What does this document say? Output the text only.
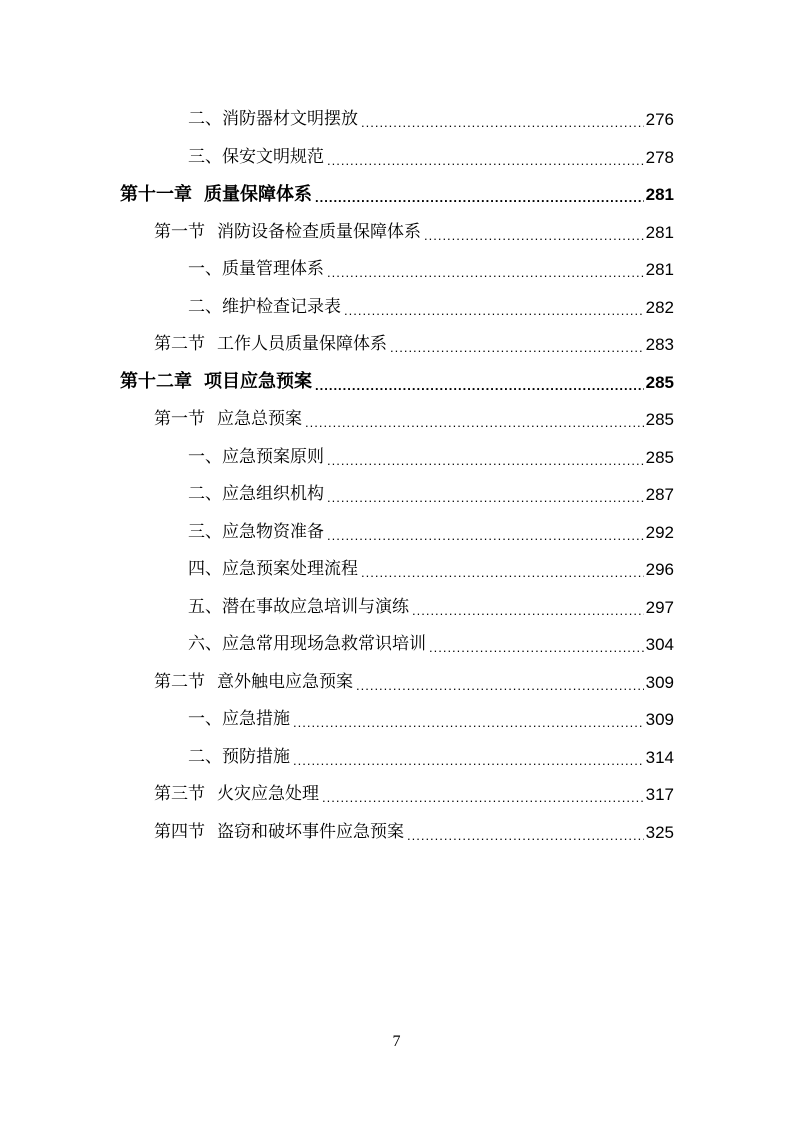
二、消防器材文明摆放 .....	276
三、保安文明规范 .....	278
第十一章 质量保障体系 .....	281
第一节 消防设备检查质量保障体系 .....	281
一、质量管理体系 .....	281
二、维护检查记录表 .....	282
第二节 工作人员质量保障体系 .....	283
第十二章 项目应急预案 .....	285
第一节 应急总预案 .....	285
一、应急预案原则 .....	285
二、应急组织机构 .....	287
三、应急物资准备 .....	292
四、应急预案处理流程 .....	296
五、潜在事故应急培训与演练 .....	297
六、应急常用现场急救常识培训 .....	304
第二节 意外触电应急预案 .....	309
一、应急措施 .....	309
二、预防措施 .....	314
第三节 火灾应急处理 .....	317
第四节 盗窃和破坏事件应急预案 .....	325
7
